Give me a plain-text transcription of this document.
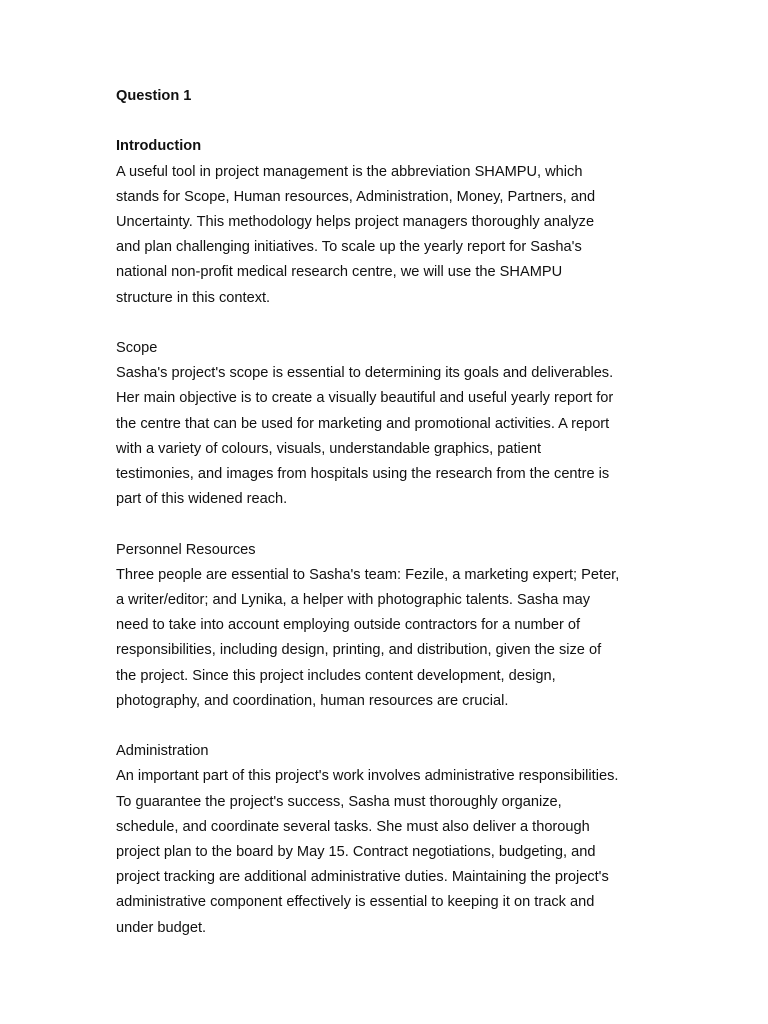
Question 1

Introduction

A useful tool in project management is the abbreviation SHAMPU, which
stands for Scope, Human resources, Administration, Money, Partners, and
Uncertainty. This methodology helps project managers thoroughly analyze
and plan challenging initiatives. To scale up the yearly report for Sasha's
national non-profit medical research centre, we will use the SHAMPU
structure in this context.

Scope

Sasha's project's scope is essential to determining its goals and deliverables.
Her main objective is to create a visually beautiful and useful yearly report for
the centre that can be used for marketing and promotional activities. A report
with a variety of colours, visuals, understandable graphics, patient
testimonies, and images from hospitals using the research from the centre is
part of this widened reach.

Personnel Resources

Three people are essential to Sasha's team: Fezile, a marketing expert; Peter,
a writer/editor; and Lynika, a helper with photographic talents. Sasha may
need to take into account employing outside contractors for a number of
responsibilities, including design, printing, and distribution, given the size of
the project. Since this project includes content development, design,
photography, and coordination, human resources are crucial.

Administration

An important part of this project's work involves administrative responsibilities.
To guarantee the project's success, Sasha must thoroughly organize,
schedule, and coordinate several tasks. She must also deliver a thorough
project plan to the board by May 15. Contract negotiations, budgeting, and
project tracking are additional administrative duties. Maintaining the project's
administrative component effectively is essential to keeping it on track and
under budget.
